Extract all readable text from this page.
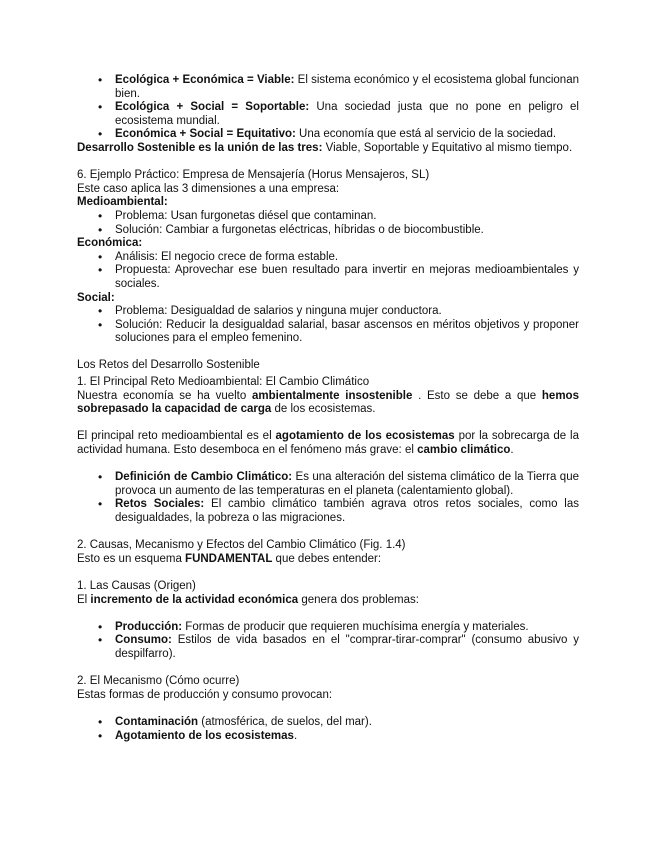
• Ecológica + Económica = Viable: El sistema económico y el ecosistema global funcionan bien.
• Ecológica + Social = Soportable: Una sociedad justa que no pone en peligro el ecosistema mundial.
• Económica + Social = Equitativo: Una economía que está al servicio de la sociedad.

Desarrollo Sostenible es la unión de las tres: Viable, Soportable y Equitativo al mismo tiempo.

6. Ejemplo Práctico: Empresa de Mensajería (Horus Mensajeros, SL)

Este caso aplica las 3 dimensiones a una empresa:

Medioambiental:

• Problema: Usan furgonetas diésel que contaminan.
• Solución: Cambiar a furgonetas eléctricas, híbridas o de biocombustible.

Económica:

• Análisis: El negocio crece de forma estable.
• Propuesta: Aprovechar ese buen resultado para invertir en mejoras medioambientales y sociales.

Social:

• Problema: Desigualdad de salarios y ninguna mujer conductora.
• Solución: Reducir la desigualdad salarial, basar ascensos en méritos objetivos y proponer soluciones para el empleo femenino.

Los Retos del Desarrollo Sostenible

1. El Principal Reto Medioambiental: El Cambio Climático

Nuestra economía se ha vuelto ambientalmente insostenible . Esto se debe a que hemos sobrepasado la capacidad de carga de los ecosistemas.

El principal reto medioambiental es el agotamiento de los ecosistemas por la sobrecarga de la actividad humana. Esto desemboca en el fenómeno más grave: el cambio climático.

• Definición de Cambio Climático: Es una alteración del sistema climático de la Tierra que provoca un aumento de las temperaturas en el planeta (calentamiento global).
• Retos Sociales: El cambio climático también agrava otros retos sociales, como las desigualdades, la pobreza o las migraciones.

2. Causas, Mecanismo y Efectos del Cambio Climático (Fig. 1.4)

Esto es un esquema FUNDAMENTAL que debes entender:

1. Las Causas (Origen)

El incremento de la actividad económica genera dos problemas:

• Producción: Formas de producir que requieren muchísima energía y materiales.
• Consumo: Estilos de vida basados en el "comprar-tirar-comprar" (consumo abusivo y despilfarro).

2. El Mecanismo (Cómo ocurre)

Estas formas de producción y consumo provocan:

• Contaminación (atmosférica, de suelos, del mar).
• Agotamiento de los ecosistemas.
